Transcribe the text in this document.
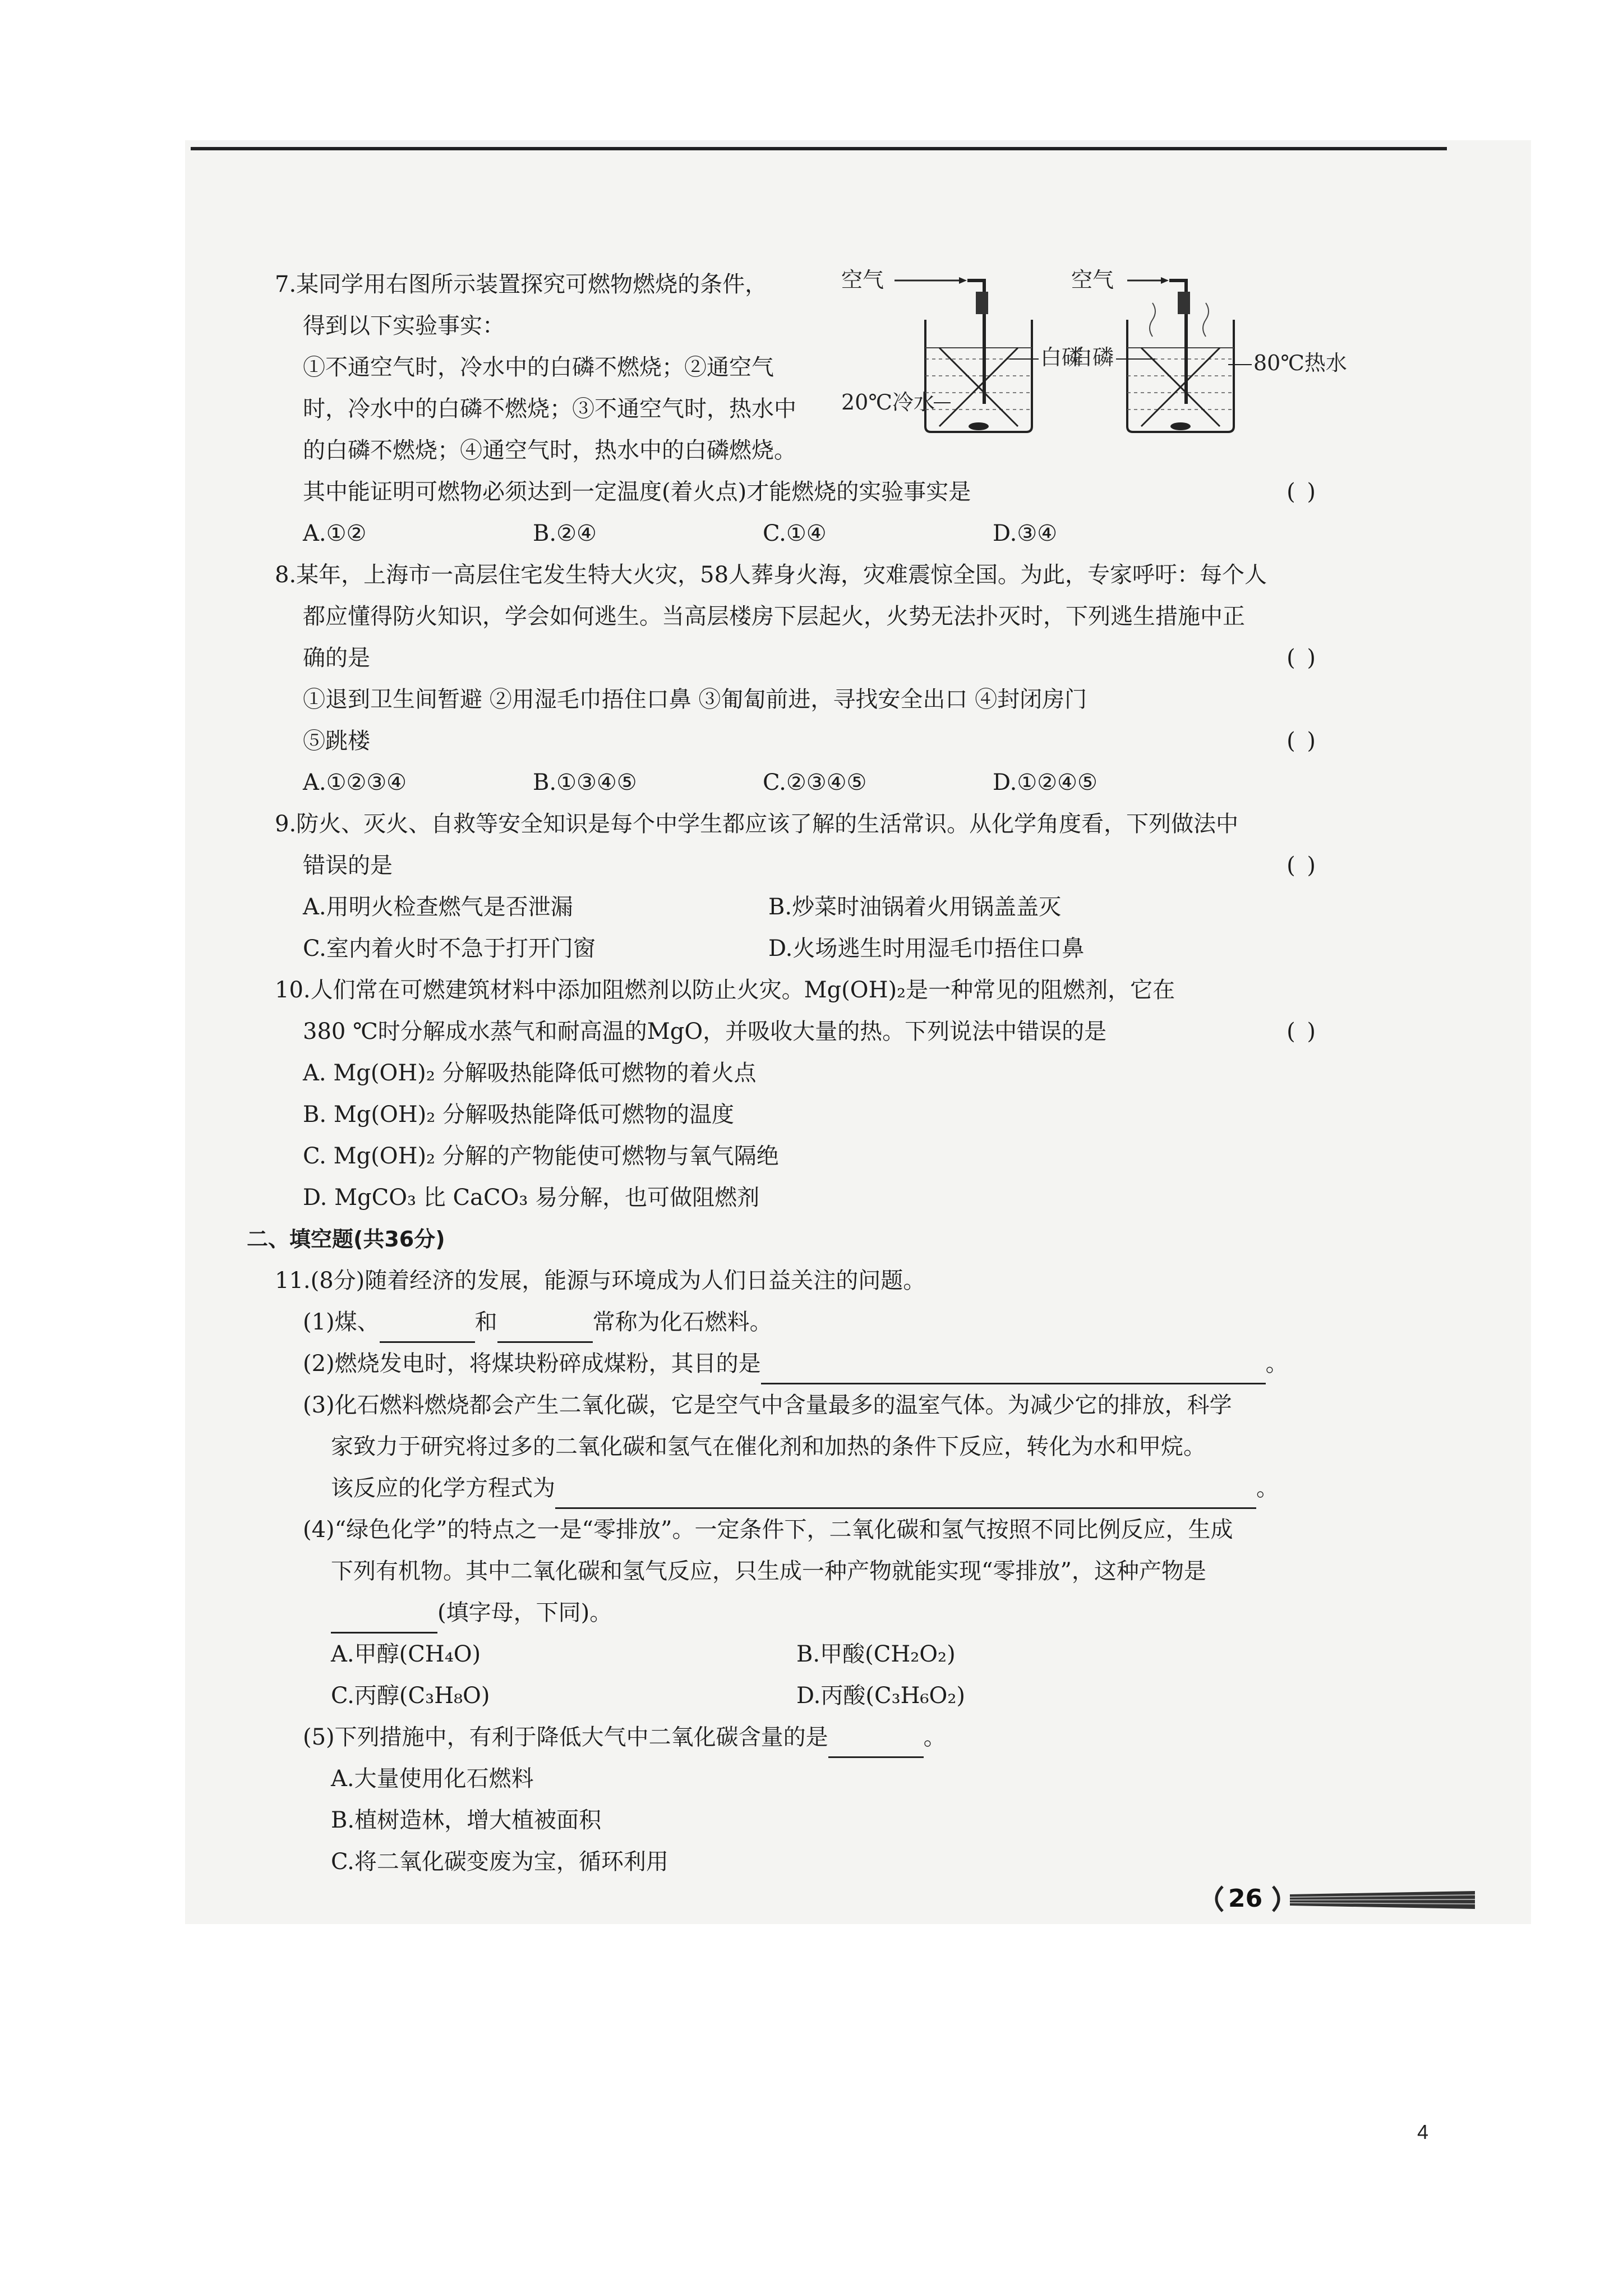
7.某同学用右图所示装置探究可燃物燃烧的条件，
得到以下实验事实：
①不通空气时，冷水中的白磷不燃烧；②通空气
时，冷水中的白磷不燃烧；③不通空气时，热水中
的白磷不燃烧；④通空气时，热水中的白磷燃烧。
空气
20℃冷水
白磷
空气
白磷	80℃热水
其中能证明可燃物必须达到一定温度(着火点)才能燃烧的实验事实是	( )
A.①②	B.②④	C.①④	D.③④
8.某年，上海市一高层住宅发生特大火灾，58人葬身火海，灾难震惊全国。为此，专家呼吁：每个人
都应懂得防火知识，学会如何逃生。当高层楼房下层起火，火势无法扑灭时，下列逃生措施中正
确的是	( )
①退到卫生间暂避 ②用湿毛巾捂住口鼻 ③匍匐前进，寻找安全出口 ④封闭房门
⑤跳楼	( )
A.①②③④	B.①③④⑤	C.②③④⑤	D.①②④⑤
9.防火、灭火、自救等安全知识是每个中学生都应该了解的生活常识。从化学角度看，下列做法中
错误的是	( )
A.用明火检查燃气是否泄漏	B.炒菜时油锅着火用锅盖盖灭
C.室内着火时不急于打开门窗	D.火场逃生时用湿毛巾捂住口鼻
10.人们常在可燃建筑材料中添加阻燃剂以防止火灾。Mg(OH)₂是一种常见的阻燃剂，它在
380 ℃时分解成水蒸气和耐高温的MgO，并吸收大量的热。下列说法中错误的是	( )
A. Mg(OH)₂ 分解吸热能降低可燃物的着火点
B. Mg(OH)₂ 分解吸热能降低可燃物的温度
C. Mg(OH)₂ 分解的产物能使可燃物与氧气隔绝
D. MgCO₃ 比 CaCO₃ 易分解，也可做阻燃剂
二、填空题(共36分)
11.(8分)随着经济的发展，能源与环境成为人们日益关注的问题。
(1)煤、	和	常称为化石燃料。
(2)燃烧发电时，将煤块粉碎成煤粉，其目的是	。
(3)化石燃料燃烧都会产生二氧化碳，它是空气中含量最多的温室气体。为减少它的排放，科学
家致力于研究将过多的二氧化碳和氢气在催化剂和加热的条件下反应，转化为水和甲烷。
该反应的化学方程式为	。
(4)“绿色化学”的特点之一是“零排放”。一定条件下，二氧化碳和氢气按照不同比例反应，生成
下列有机物。其中二氧化碳和氢气反应，只生成一种产物就能实现“零排放”，这种产物是
(填字母，下同)。
A.甲醇(CH₄O)	B.甲酸(CH₂O₂)
C.丙醇(C₃H₈O)	D.丙酸(C₃H₆O₂)
(5)下列措施中，有利于降低大气中二氧化碳含量的是	。
A.大量使用化石燃料
B.植树造林，增大植被面积
C.将二氧化碳变废为宝，循环利用
26
4
